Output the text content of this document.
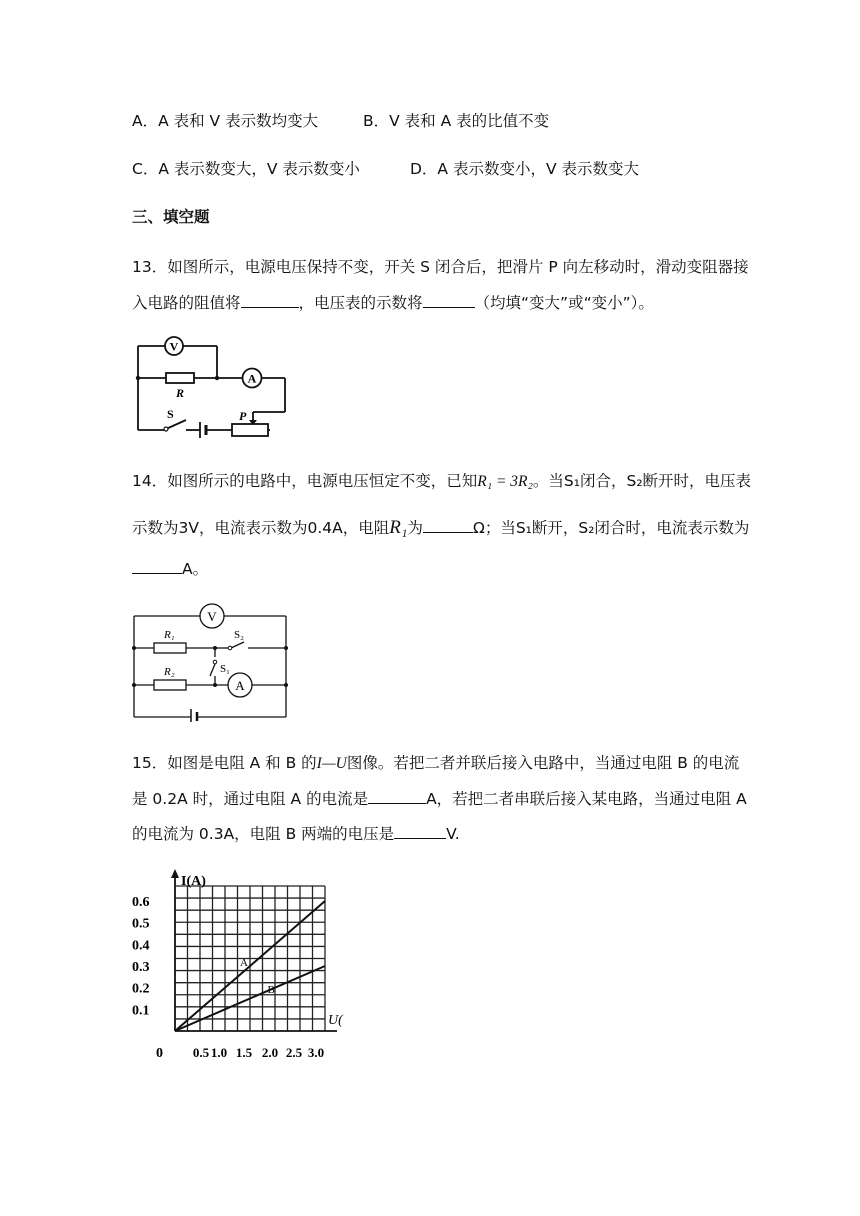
A．A 表和 V 表示数均变大	B．V 表和 A 表的比值不变
C．A 表示数变大，V 表示数变小	D．A 表示数变小，V 表示数变大
三、填空题
13．如图所示，电源电压保持不变，开关 S 闭合后，把滑片 P 向左移动时，滑动变阻器接
入电路的阻值将	，电压表的示数将	（均填“变大”或“变小”）。
V
A
R
S	P
14．如图所示的电路中，电源电压恒定不变，已知R₁ = 3R₂。当S₁闭合，S₂断开时，电压表
示数为3V，电流表示数为0.4A，电阻R₁为	Ω；当S₁断开，S₂闭合时，电流表示数为
A。
V
A
R₁
R₂
S₂
S₁
15．如图是电阻 A 和 B 的I—U图像。若把二者并联后接入电路中，当通过电阻 B 的电流
是 0.2A 时，通过电阻 A 的电流是	A，若把二者串联后接入某电路，当通过电阻 A
的电流为 0.3A，电阻 B 两端的电压是	V.
A
B
0.1
0.2
0.3
0.4
0.5
0.6
0.5 1.0 1.5 2.0 2.5 3.0
0
I(A)
U(
